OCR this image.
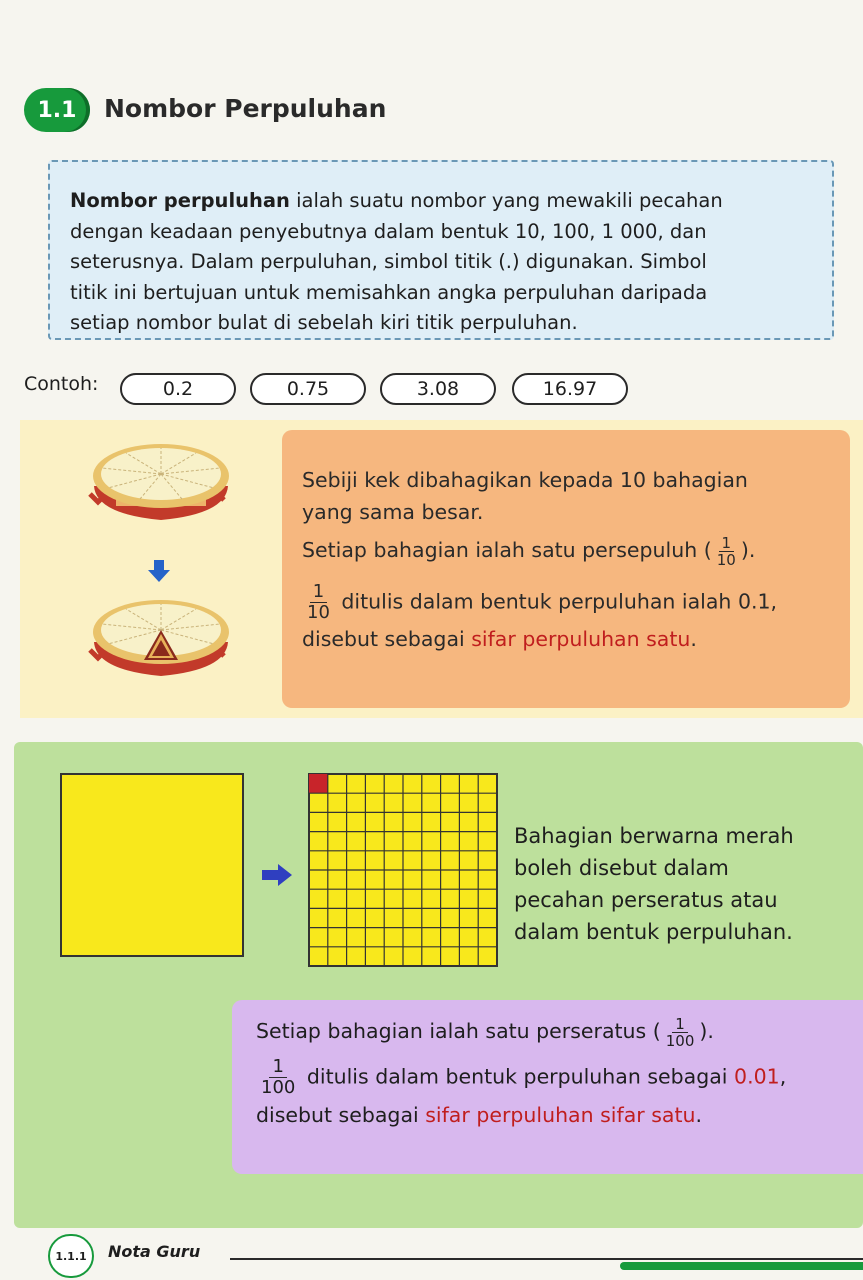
1.1	Nombor Perpuluhan
Nombor perpuluhan ialah suatu nombor yang mewakili pecahan
dengan keadaan penyebutnya dalam bentuk 10, 100, 1 000, dan
seterusnya. Dalam perpuluhan, simbol titik (.) digunakan. Simbol
titik ini bertujuan untuk memisahkan angka perpuluhan daripada
setiap nombor bulat di sebelah kiri titik perpuluhan.
Contoh:	0.2	0.75	3.08	16.97
Sebiji kek dibahagikan kepada 10 bahagian
yang sama besar.
Setiap bahagian ialah satu persepuluh ( $\frac{1}{10}$ ).
$\frac{1}{10}$ ditulis dalam bentuk perpuluhan ialah 0.1,
disebut sebagai sifar perpuluhan satu.
Bahagian berwarna merah
boleh disebut dalam
pecahan perseratus atau
dalam bentuk perpuluhan.
Setiap bahagian ialah satu perseratus ( $\frac{1}{100}$ ).
$\frac{1}{100}$ ditulis dalam bentuk perpuluhan sebagai 0.01,
disebut sebagai sifar perpuluhan sifar satu.
1.1.1	Nota Guru
